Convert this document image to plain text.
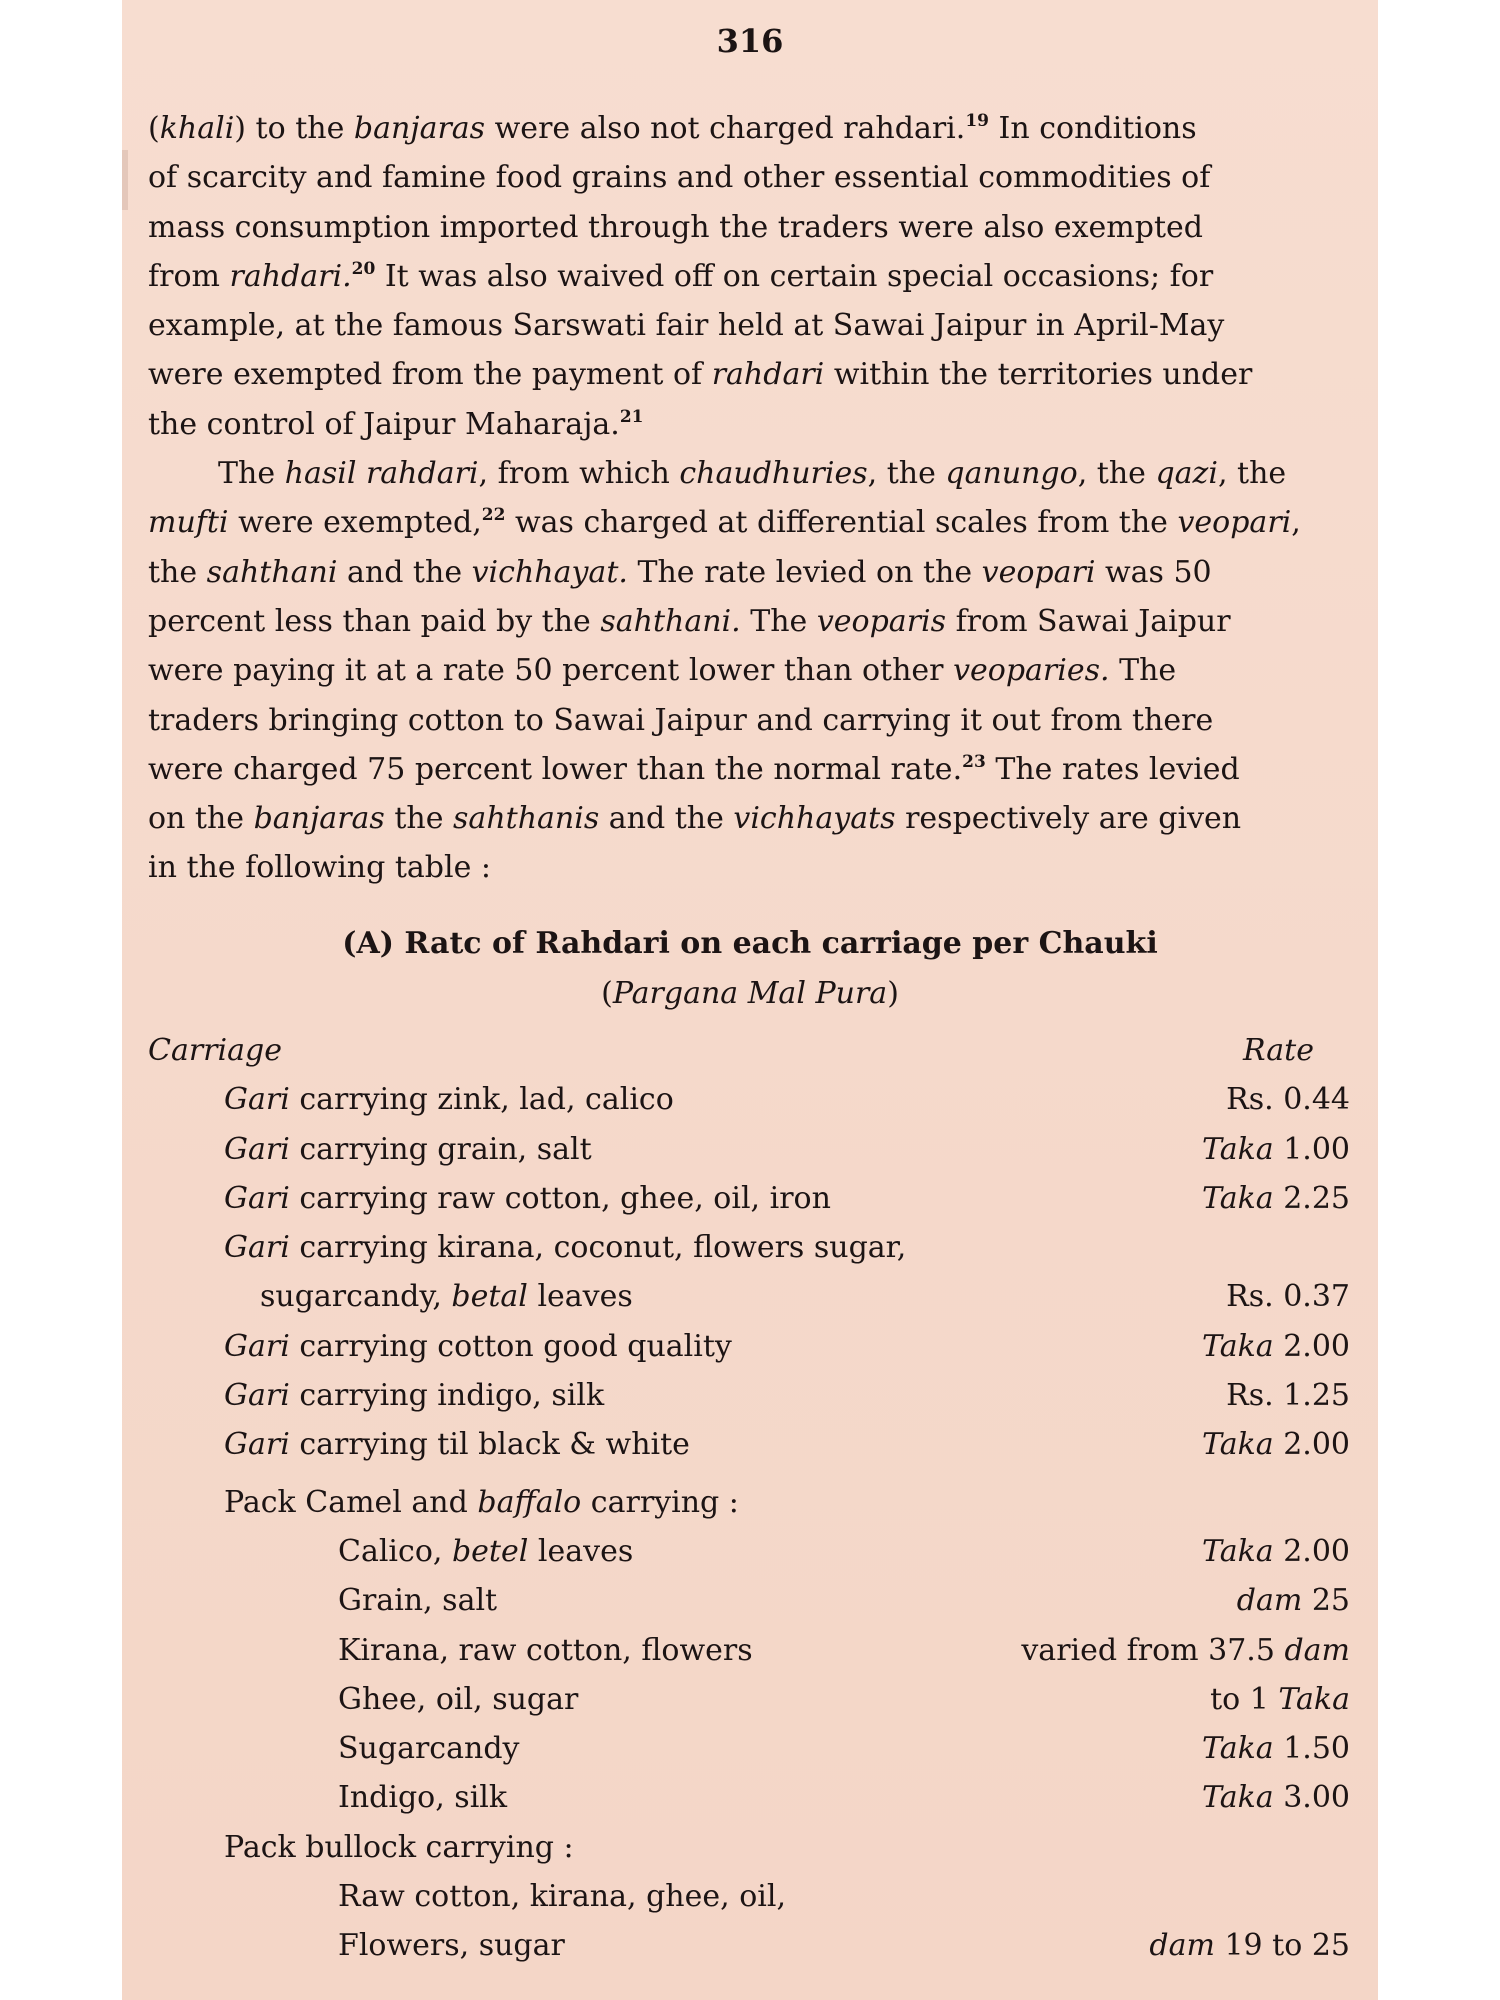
316
(khali) to the banjaras were also not charged rahdari.$^{19}$ In conditions
of scarcity and famine food grains and other essential commodities of
mass consumption imported through the traders were also exempted
from rahdari.$^{20}$ It was also waived off on certain special occasions; for
example, at the famous Sarswati fair held at Sawai Jaipur in April-May
were exempted from the payment of rahdari within the territories under
the control of Jaipur Maharaja.$^{21}$
The hasil rahdari, from which chaudhuries, the qanungo, the qazi, the
mufti were exempted,$^{22}$ was charged at differential scales from the veopari,
the sahthani and the vichhayat. The rate levied on the veopari was 50
percent less than paid by the sahthani. The veoparis from Sawai Jaipur
were paying it at a rate 50 percent lower than other veoparies. The
traders bringing cotton to Sawai Jaipur and carrying it out from there
were charged 75 percent lower than the normal rate.$^{23}$ The rates levied
on the banjaras the sahthanis and the vichhayats respectively are given
in the following table :
(A) Ratc of Rahdari on each carriage per Chauki
(Pargana Mal Pura)
Carriage	Rate
Gari carrying zink, lad, calico	Rs. 0.44
Gari carrying grain, salt	Taka 1.00
Gari carrying raw cotton, ghee, oil, iron	Taka 2.25
Gari carrying kirana, coconut, flowers sugar,
sugarcandy, betal leaves	Rs. 0.37
Gari carrying cotton good quality	Taka 2.00
Gari carrying indigo, silk	Rs. 1.25
Gari carrying til black & white	Taka 2.00
Pack Camel and baffalo carrying :
Calico, betel leaves	Taka 2.00
Grain, salt	dam 25
Kirana, raw cotton, flowers	varied from 37.5 dam
Ghee, oil, sugar	to 1 Taka
Sugarcandy	Taka 1.50
Indigo, silk	Taka 3.00
Pack bullock carrying :
Raw cotton, kirana, ghee, oil,
Flowers, sugar	dam 19 to 25
